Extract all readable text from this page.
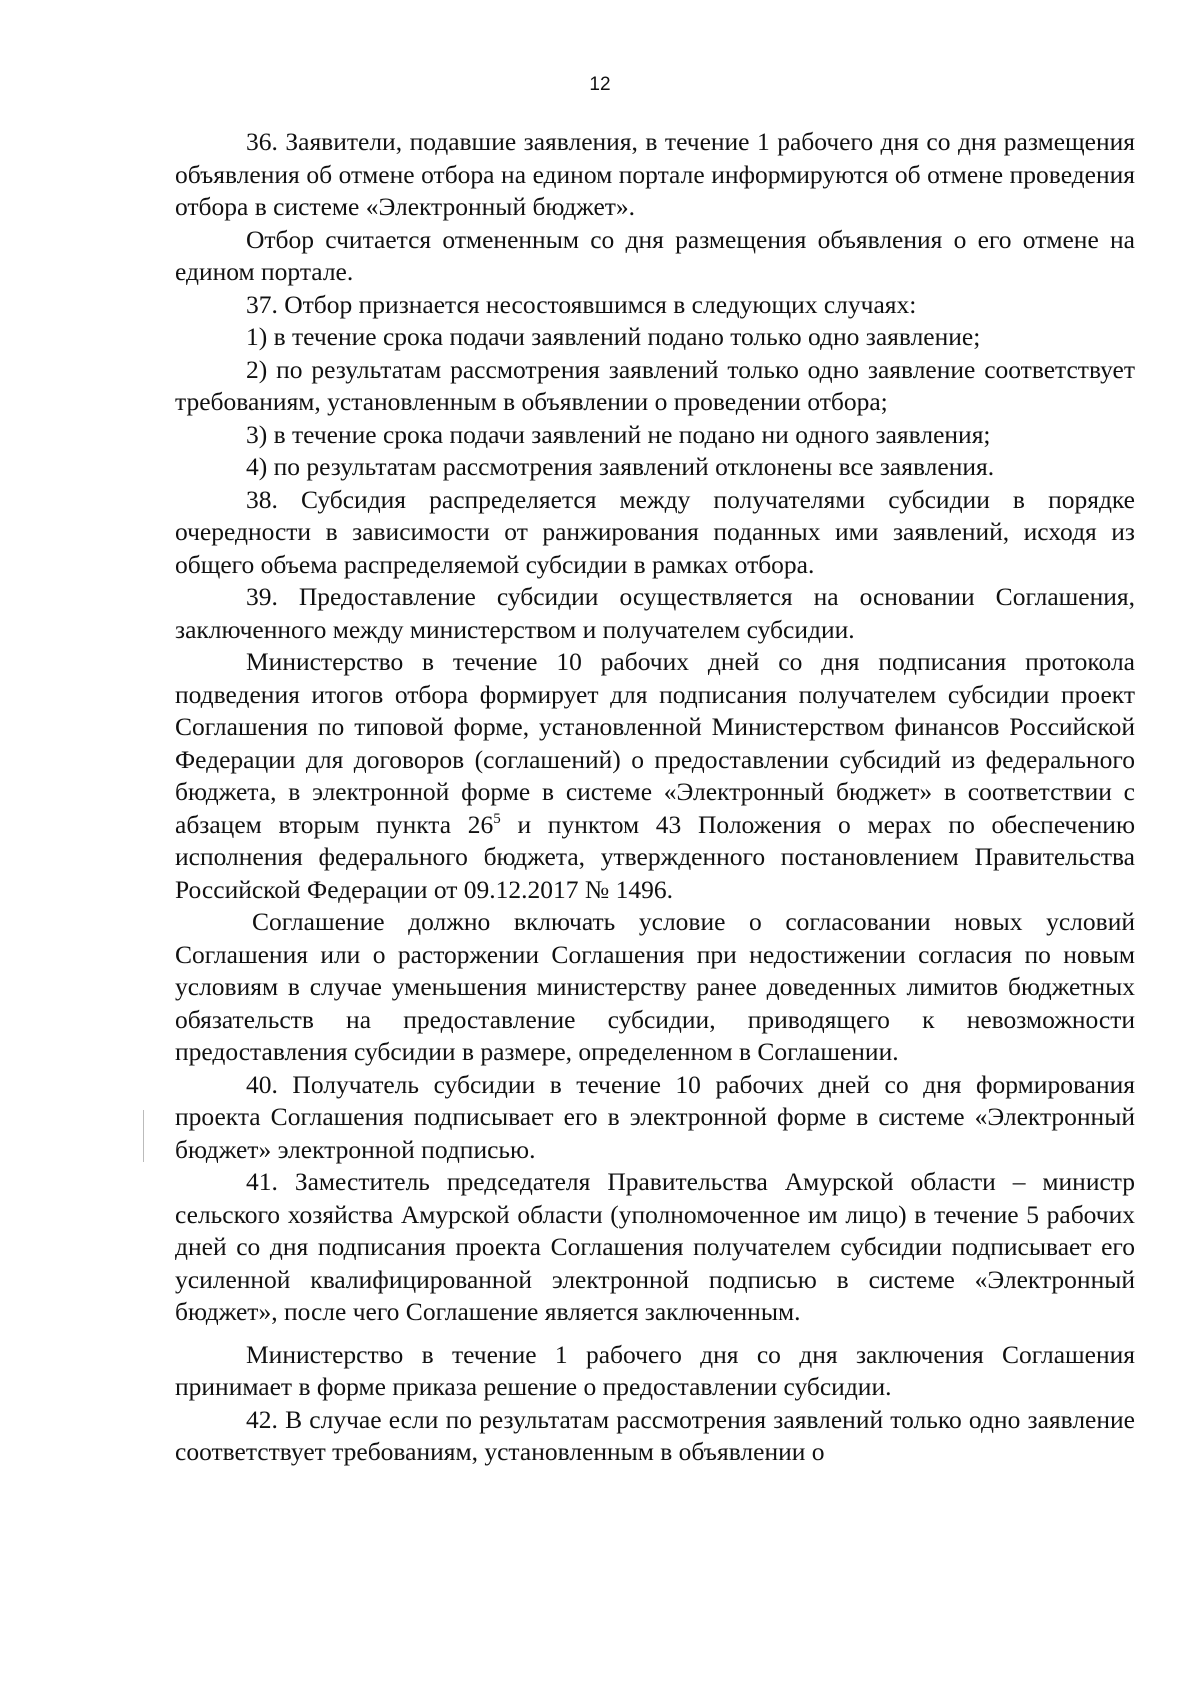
12

36. Заявители, подавшие заявления, в течение 1 рабочего дня со дня размещения объявления об отмене отбора на едином портале информируются об отмене проведения отбора в системе «Электронный бюджет».

Отбор считается отмененным со дня размещения объявления о его отмене на едином портале.

37. Отбор признается несостоявшимся в следующих случаях:

1) в течение срока подачи заявлений подано только одно заявление;

2) по результатам рассмотрения заявлений только одно заявление соответствует требованиям, установленным в объявлении о проведении отбора;

3) в течение срока подачи заявлений не подано ни одного заявления;

4) по результатам рассмотрения заявлений отклонены все заявления.

38. Субсидия распределяется между получателями субсидии в порядке очередности в зависимости от ранжирования поданных ими заявлений, исходя из общего объема распределяемой субсидии в рамках отбора.

39. Предоставление субсидии осуществляется на основании Соглашения, заключенного между министерством и получателем субсидии.

Министерство в течение 10 рабочих дней со дня подписания протокола подведения итогов отбора формирует для подписания получателем субсидии проект Соглашения по типовой форме, установленной Министерством финансов Российской Федерации для договоров (соглашений) о предоставлении субсидий из федерального бюджета, в электронной форме в системе «Электронный бюджет» в соответствии с абзацем вторым пункта $26^5$ и пунктом 43 Положения о мерах по обеспечению исполнения федерального бюджета, утвержденного постановлением Правительства Российской Федерации от 09.12.2017 № 1496.

Соглашение должно включать условие о согласовании новых условий Соглашения или о расторжении Соглашения при недостижении согласия по новым условиям в случае уменьшения министерству ранее доведенных лимитов бюджетных обязательств на предоставление субсидии, приводящего к невозможности предоставления субсидии в размере, определенном в Соглашении.

40. Получатель субсидии в течение 10 рабочих дней со дня формирования проекта Соглашения подписывает его в электронной форме в системе «Электронный бюджет» электронной подписью.

41. Заместитель председателя Правительства Амурской области – министр сельского хозяйства Амурской области (уполномоченное им лицо) в течение 5 рабочих дней со дня подписания проекта Соглашения получателем субсидии подписывает его усиленной квалифицированной электронной подписью в системе «Электронный бюджет», после чего Соглашение является заключенным.

Министерство в течение 1 рабочего дня со дня заключения Соглашения принимает в форме приказа решение о предоставлении субсидии.

42. В случае если по результатам рассмотрения заявлений только одно заявление соответствует требованиям, установленным в объявлении о
